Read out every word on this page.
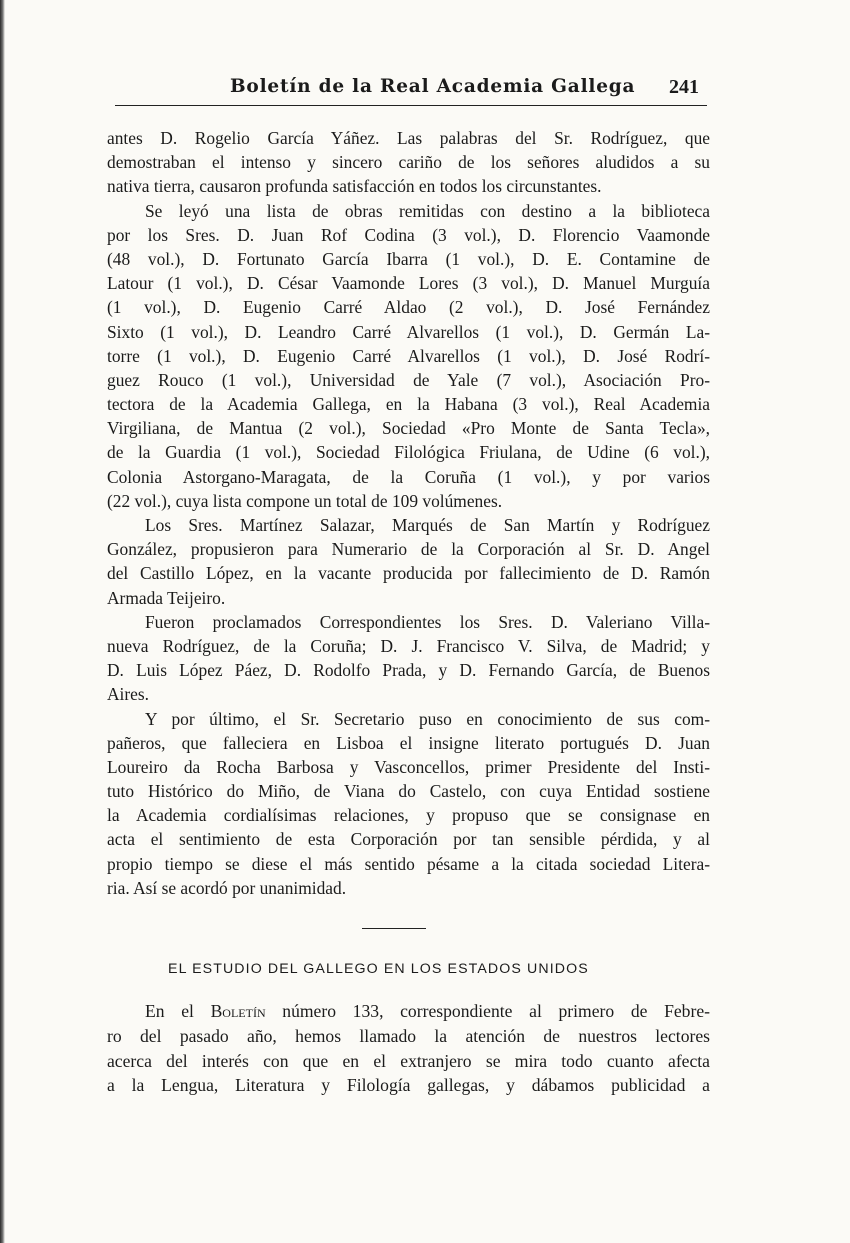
Boletín de la Real Academia Gallega 241
antes D. Rogelio García Yáñez. Las palabras del Sr. Rodríguez, que
demostraban el intenso y sincero cariño de los señores aludidos a su
nativa tierra, causaron profunda satisfacción en todos los circunstantes.
Se leyó una lista de obras remitidas con destino a la biblioteca
por los Sres. D. Juan Rof Codina (3 vol.), D. Florencio Vaamonde
(48 vol.), D. Fortunato García Ibarra (1 vol.), D. E. Contamine de
Latour (1 vol.), D. César Vaamonde Lores (3 vol.), D. Manuel Murguía
(1 vol.), D. Eugenio Carré Aldao (2 vol.), D. José Fernández
Sixto (1 vol.), D. Leandro Carré Alvarellos (1 vol.), D. Germán La-
torre (1 vol.), D. Eugenio Carré Alvarellos (1 vol.), D. José Rodrí-
guez Rouco (1 vol.), Universidad de Yale (7 vol.), Asociación Pro-
tectora de la Academia Gallega, en la Habana (3 vol.), Real Academia
Virgiliana, de Mantua (2 vol.), Sociedad «Pro Monte de Santa Tecla»,
de la Guardia (1 vol.), Sociedad Filológica Friulana, de Udine (6 vol.),
Colonia Astorgano-Maragata, de la Coruña (1 vol.), y por varios
(22 vol.), cuya lista compone un total de 109 volúmenes.
Los Sres. Martínez Salazar, Marqués de San Martín y Rodríguez
González, propusieron para Numerario de la Corporación al Sr. D. Angel
del Castillo López, en la vacante producida por fallecimiento de D. Ramón
Armada Teijeiro.
Fueron proclamados Correspondientes los Sres. D. Valeriano Villa-
nueva Rodríguez, de la Coruña; D. J. Francisco V. Silva, de Madrid; y
D. Luis López Páez, D. Rodolfo Prada, y D. Fernando García, de Buenos
Aires.
Y por último, el Sr. Secretario puso en conocimiento de sus com-
pañeros, que falleciera en Lisboa el insigne literato portugués D. Juan
Loureiro da Rocha Barbosa y Vasconcellos, primer Presidente del Insti-
tuto Histórico do Miño, de Viana do Castelo, con cuya Entidad sostiene
la Academia cordialísimas relaciones, y propuso que se consignase en
acta el sentimiento de esta Corporación por tan sensible pérdida, y al
propio tiempo se diese el más sentido pésame a la citada sociedad Litera-
ria. Así se acordó por unanimidad.
EL ESTUDIO DEL GALLEGO EN LOS ESTADOS UNIDOS
En el Boletín número 133, correspondiente al primero de Febre-
ro del pasado año, hemos llamado la atención de nuestros lectores
acerca del interés con que en el extranjero se mira todo cuanto afecta
a la Lengua, Literatura y Filología gallegas, y dábamos publicidad a
